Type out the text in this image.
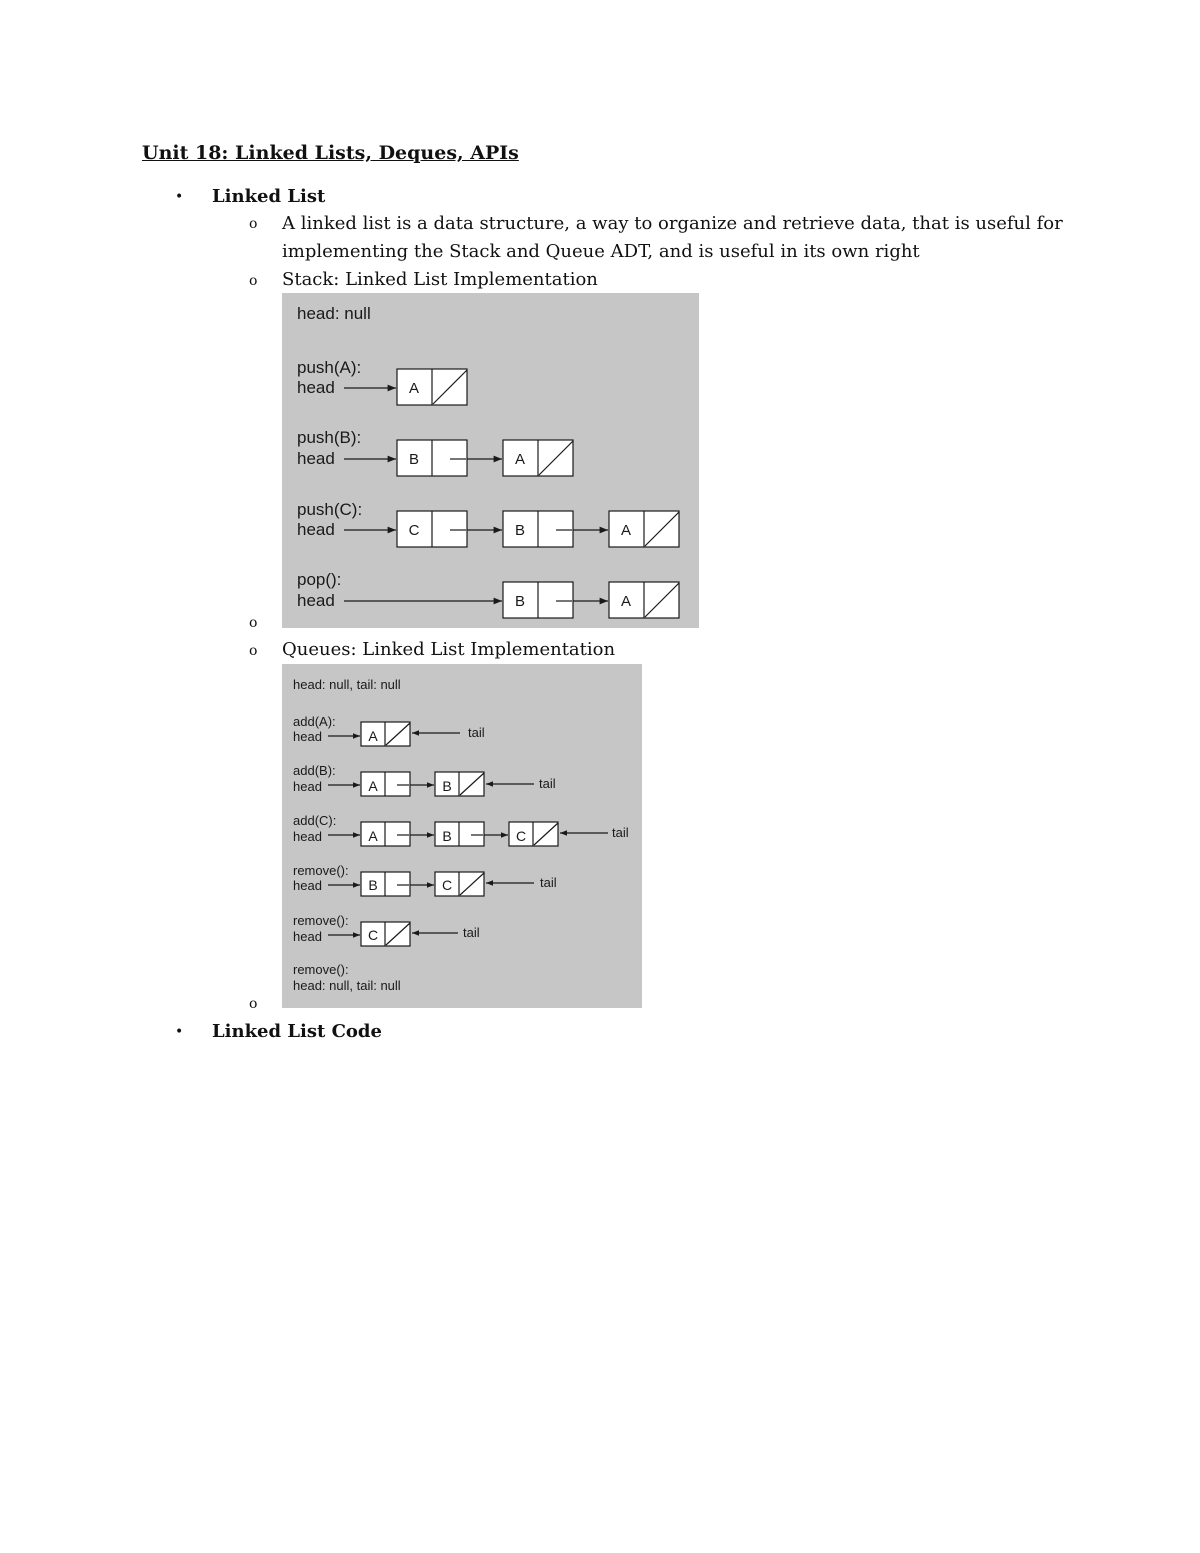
Unit 18: Linked Lists, Deques, APIs
• Linked List
o A linked list is a data structure, a way to organize and retrieve data, that is useful for
implementing the Stack and Queue ADT, and is useful in its own right
o Stack: Linked List Implementation
head: null
push(A):
head
push(B):
head
push(C):
head
pop():
head
A
B	A
C	B	A
B	A
o
o Queues: Linked List Implementation
head: null, tail: null
add(A):
head
add(B):
head
add(C):
head
remove():
head
remove():
head
remove():
head: null, tail: null
tail
tail
tail
tail
tail
A
A	B
A	B	C
B	C
C
o
• Linked List Code
